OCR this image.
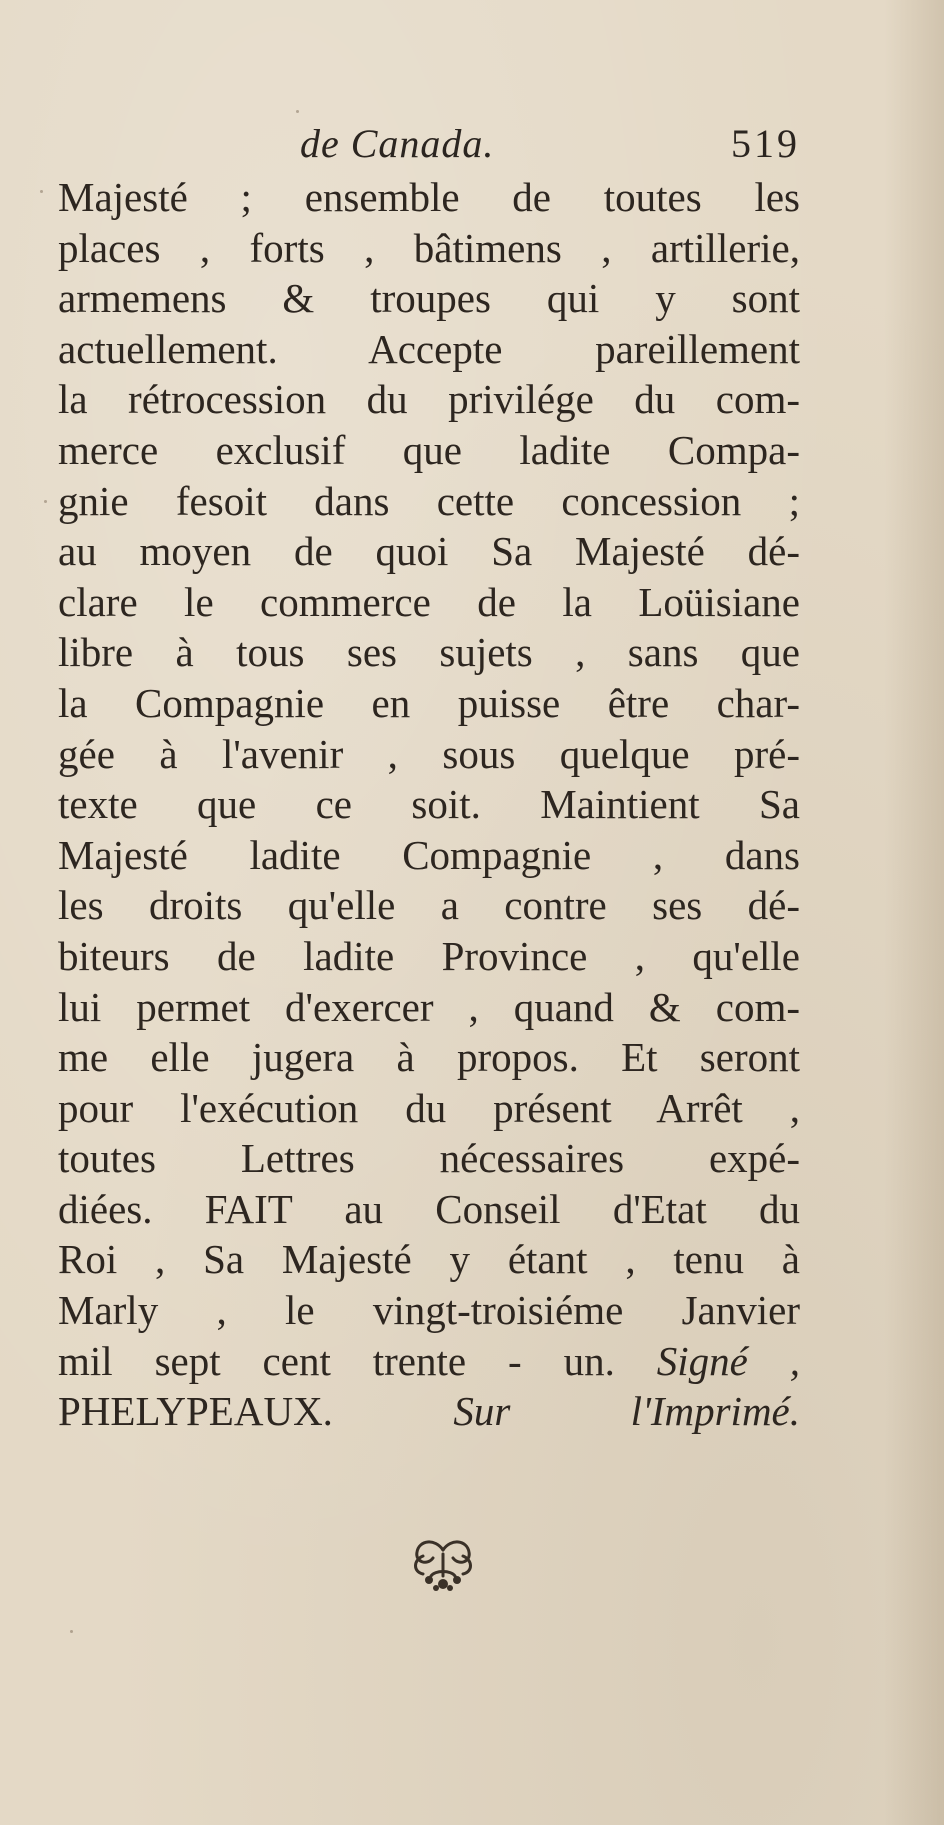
de Canada.	519
Majesté ; ensemble de toutes les
places , forts , bâtimens , artillerie,
armemens & troupes qui y sont
actuellement. Accepte pareillement
la rétrocession du privilége du com-
merce exclusif que ladite Compa-
gnie fesoit dans cette concession ;
au moyen de quoi Sa Majesté dé-
clare le commerce de la Loüisiane
libre à tous ses sujets , sans que
la Compagnie en puisse être char-
gée à l'avenir , sous quelque pré-
texte que ce soit. Maintient Sa
Majesté ladite Compagnie , dans
les droits qu'elle a contre ses dé-
biteurs de ladite Province , qu'elle
lui permet d'exercer , quand & com-
me elle jugera à propos. Et seront
pour l'exécution du présent Arrêt ,
toutes Lettres nécessaires expé-
diées. FAIT au Conseil d'Etat du
Roi , Sa Majesté y étant , tenu à
Marly , le vingt-troisiéme Janvier
mil sept cent trente - un. Signé ,
PHELYPEAUX.	Sur l'Imprimé.
